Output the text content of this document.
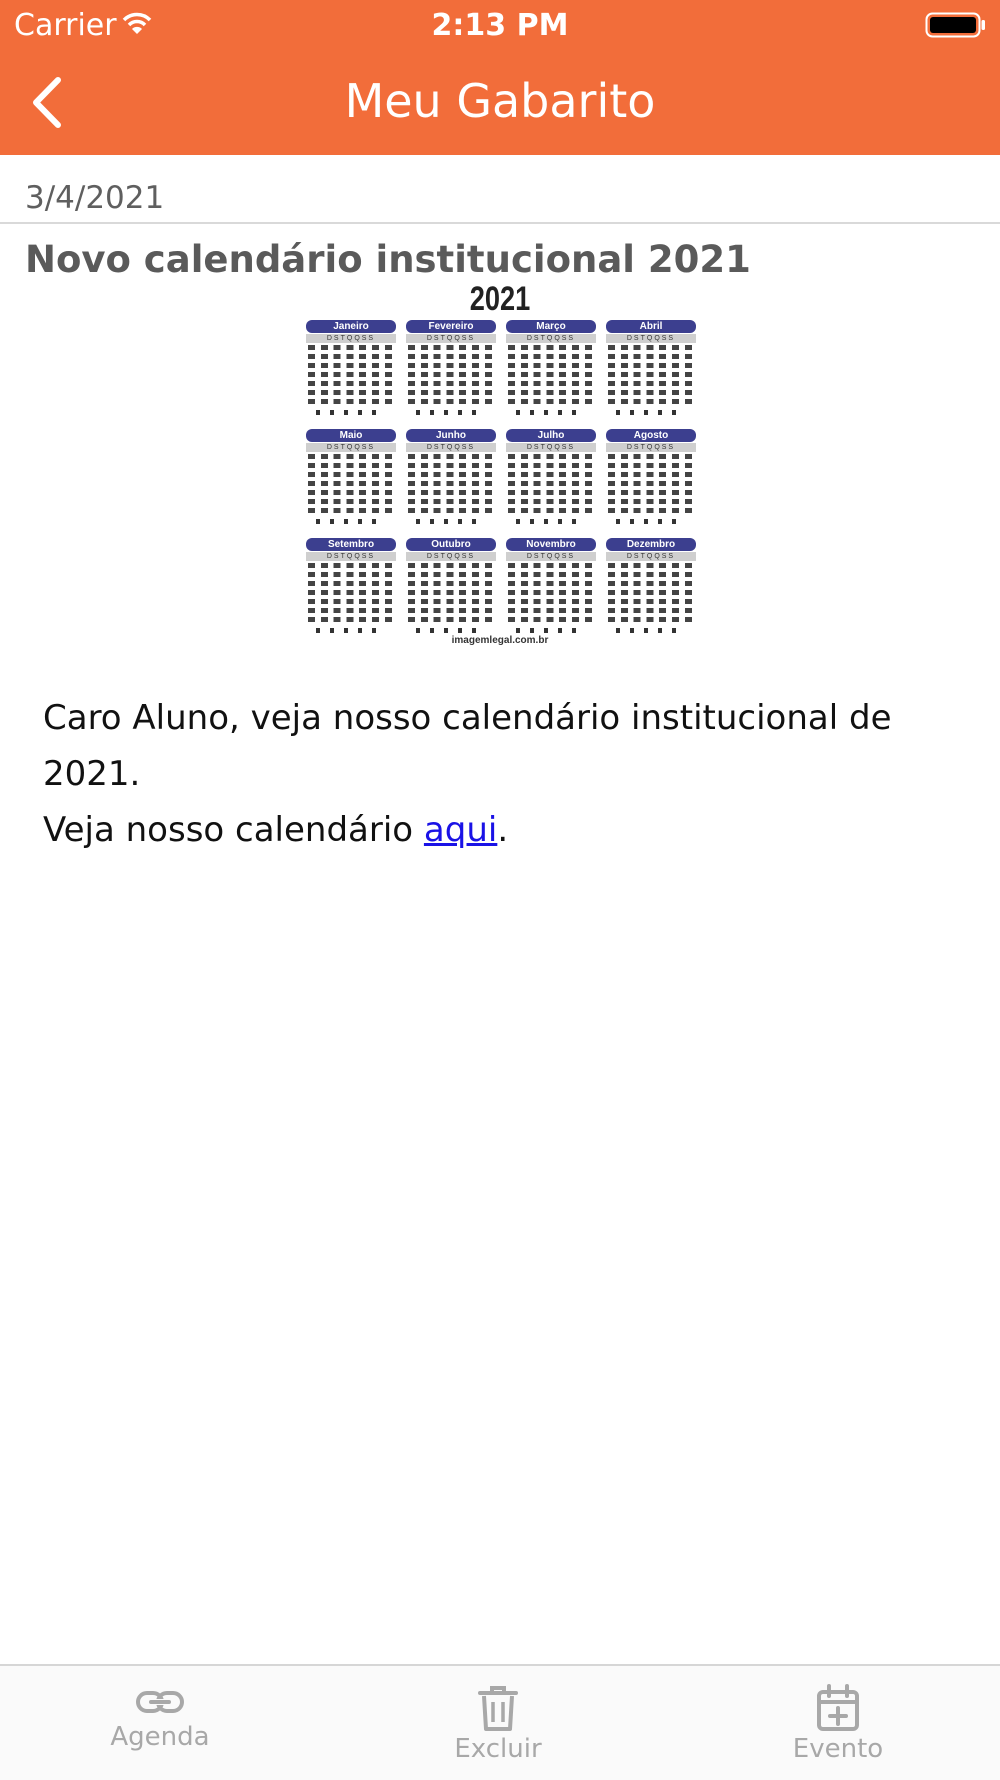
Carrier	2:13 PM
Meu Gabarito
3/4/2021
Novo calendário institucional 2021
2021
Janeiro
DSTQQSS
Fevereiro
DSTQQSS
Março
DSTQQSS
Abril
DSTQQSS
Maio
DSTQQSS
Junho
DSTQQSS
Julho
DSTQQSS
Agosto
DSTQQSS
Setembro
DSTQQSS
Outubro
DSTQQSS
Novembro
DSTQQSS
Dezembro
DSTQQSS
imagemlegal.com.br
Caro Aluno, veja nosso calendário institucional de 2021.
Veja nosso calendário aqui.
Agenda	Excluir	Evento
